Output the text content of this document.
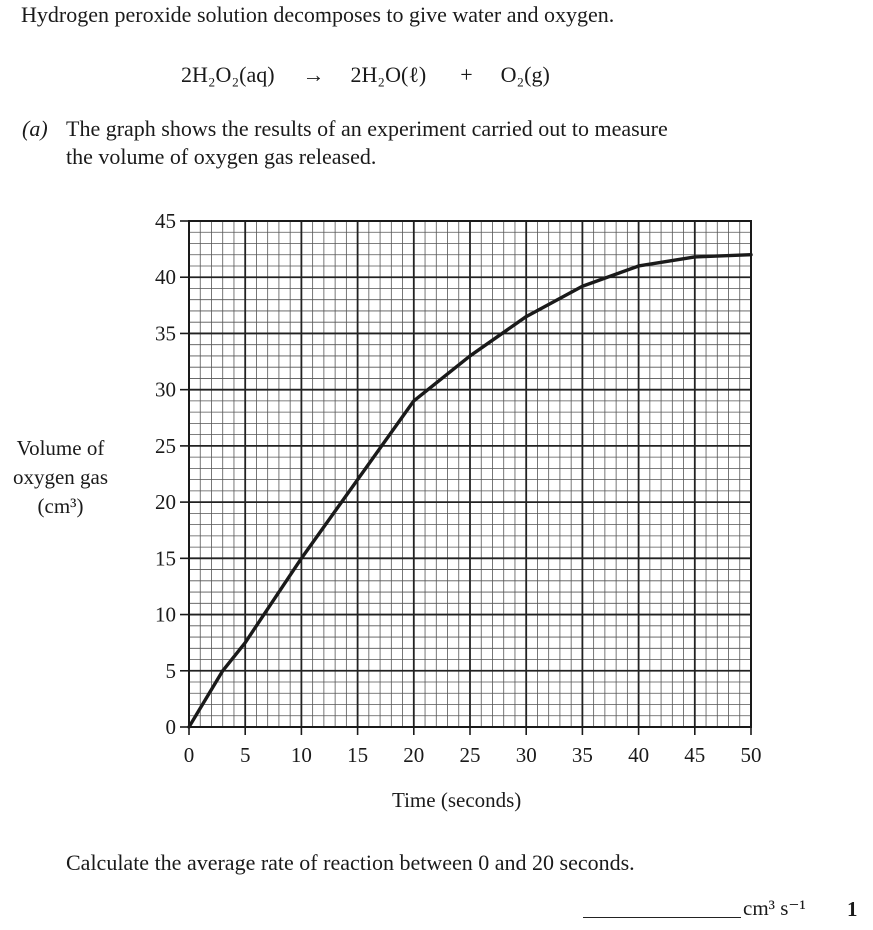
Hydrogen peroxide solution decomposes to give water and oxygen.
2H₂O₂(aq) → 2H₂O(ℓ) + O₂(g)
(a) The graph shows the results of an experiment carried out to measure
the volume of oxygen gas released.
0 5 10 15 20 25 30 35 40 45 50
0
5
10
15
20
25
30
35
40
45
Volume of
oxygen gas
(cm³)
Time (seconds)
Calculate the average rate of reaction between 0 and 20 seconds.
cm³ s⁻¹ 1
